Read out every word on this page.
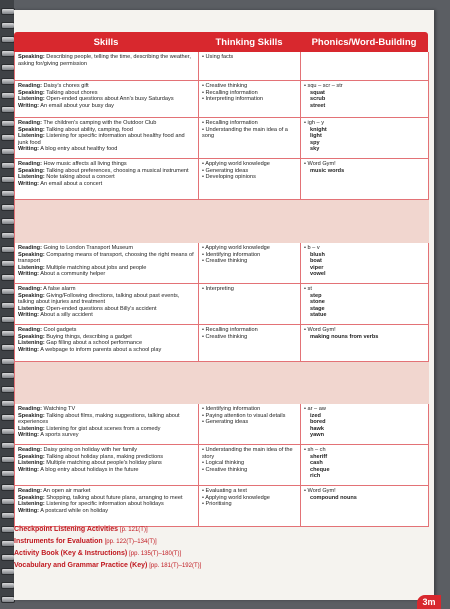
Skills	Thinking Skills	Phonics/Word-Building
Speaking: Describing people, telling the time, describing the weather, asking for/giving permission
• Using facts
Reading: Daisy's chores gift
Speaking: Talking about chores
Listening: Open-ended questions about Ann's busy Saturdays
Writing: An email about your busy day
• Creative thinking
• Recalling information
• Interpreting information
• squ – scr – str
squat
scrub
street
Reading: The children's camping with the Outdoor Club
Speaking: Talking about ability, camping, food
Listening: Listening for specific information about healthy food and junk food
Writing: A blog entry about healthy food
• Recalling information
• Understanding the main idea of a song
• igh – y
knight
light
spy
sky
Reading: How music affects all living things
Speaking: Talking about preferences, choosing a musical instrument
Listening: Note taking about a concert
Writing: An email about a concert
• Applying world knowledge
• Generating ideas
• Developing opinions
• Word Gym!
music words
Reading: Going to London Transport Museum
Speaking: Comparing means of transport, choosing the right means of transport
Listening: Multiple matching about jobs and people
Writing: About a community helper
• Applying world knowledge
• Identifying information
• Creative thinking
• b – v
blush
boat
viper
vowel
Reading: A false alarm
Speaking: Giving/Following directions, talking about past events, talking about injuries and treatment
Listening: Open-ended questions about Billy's accident
Writing: About a silly accident
• Interpreting
•	st
step
stone
stage
statue
Reading: Cool gadgets
Speaking: Buying things, describing a gadget
Listening: Gap filling about a school performance
Writing: A webpage to inform parents about a school play
• Recalling information
• Creative thinking
• Word Gym!
making nouns from verbs
Reading: Watching TV
Speaking: Talking about films, making suggestions, talking about experiences
Listening: Listening for gist about scenes from a comedy
Writing: A sports survey
• Identifying information
• Paying attention to visual details
• Generating ideas
• ar – aw
ized
bored
hawk
yawn
Reading: Daisy going on holiday with her family
Speaking: Talking about holiday plans, making predictions
Listening: Multiple matching about people's holiday plans
Writing: A blog entry about holidays in the future
• Understanding the main idea of the story
• Logical thinking
• Creative thinking
• sh – ch
sheriff
cash
cheque
rich
Reading: An open air market
Speaking: Shopping, talking about future plans, arranging to meet
Listening: Listening for specific information about holidays
Writing: A postcard while on holiday
• Evaluating a text
• Applying world knowledge
• Prioritising
• Word Gym!
compound nouns
Checkpoint Listening Activities [p. 121(T)]
Instruments for Evaluation [pp. 122(T)–134(T)]
Activity Book (Key & Instructions) [pp. 135(T)–180(T)]
Vocabulary and Grammar Practice (Key) [pp. 181(T)–192(T)]
3m
